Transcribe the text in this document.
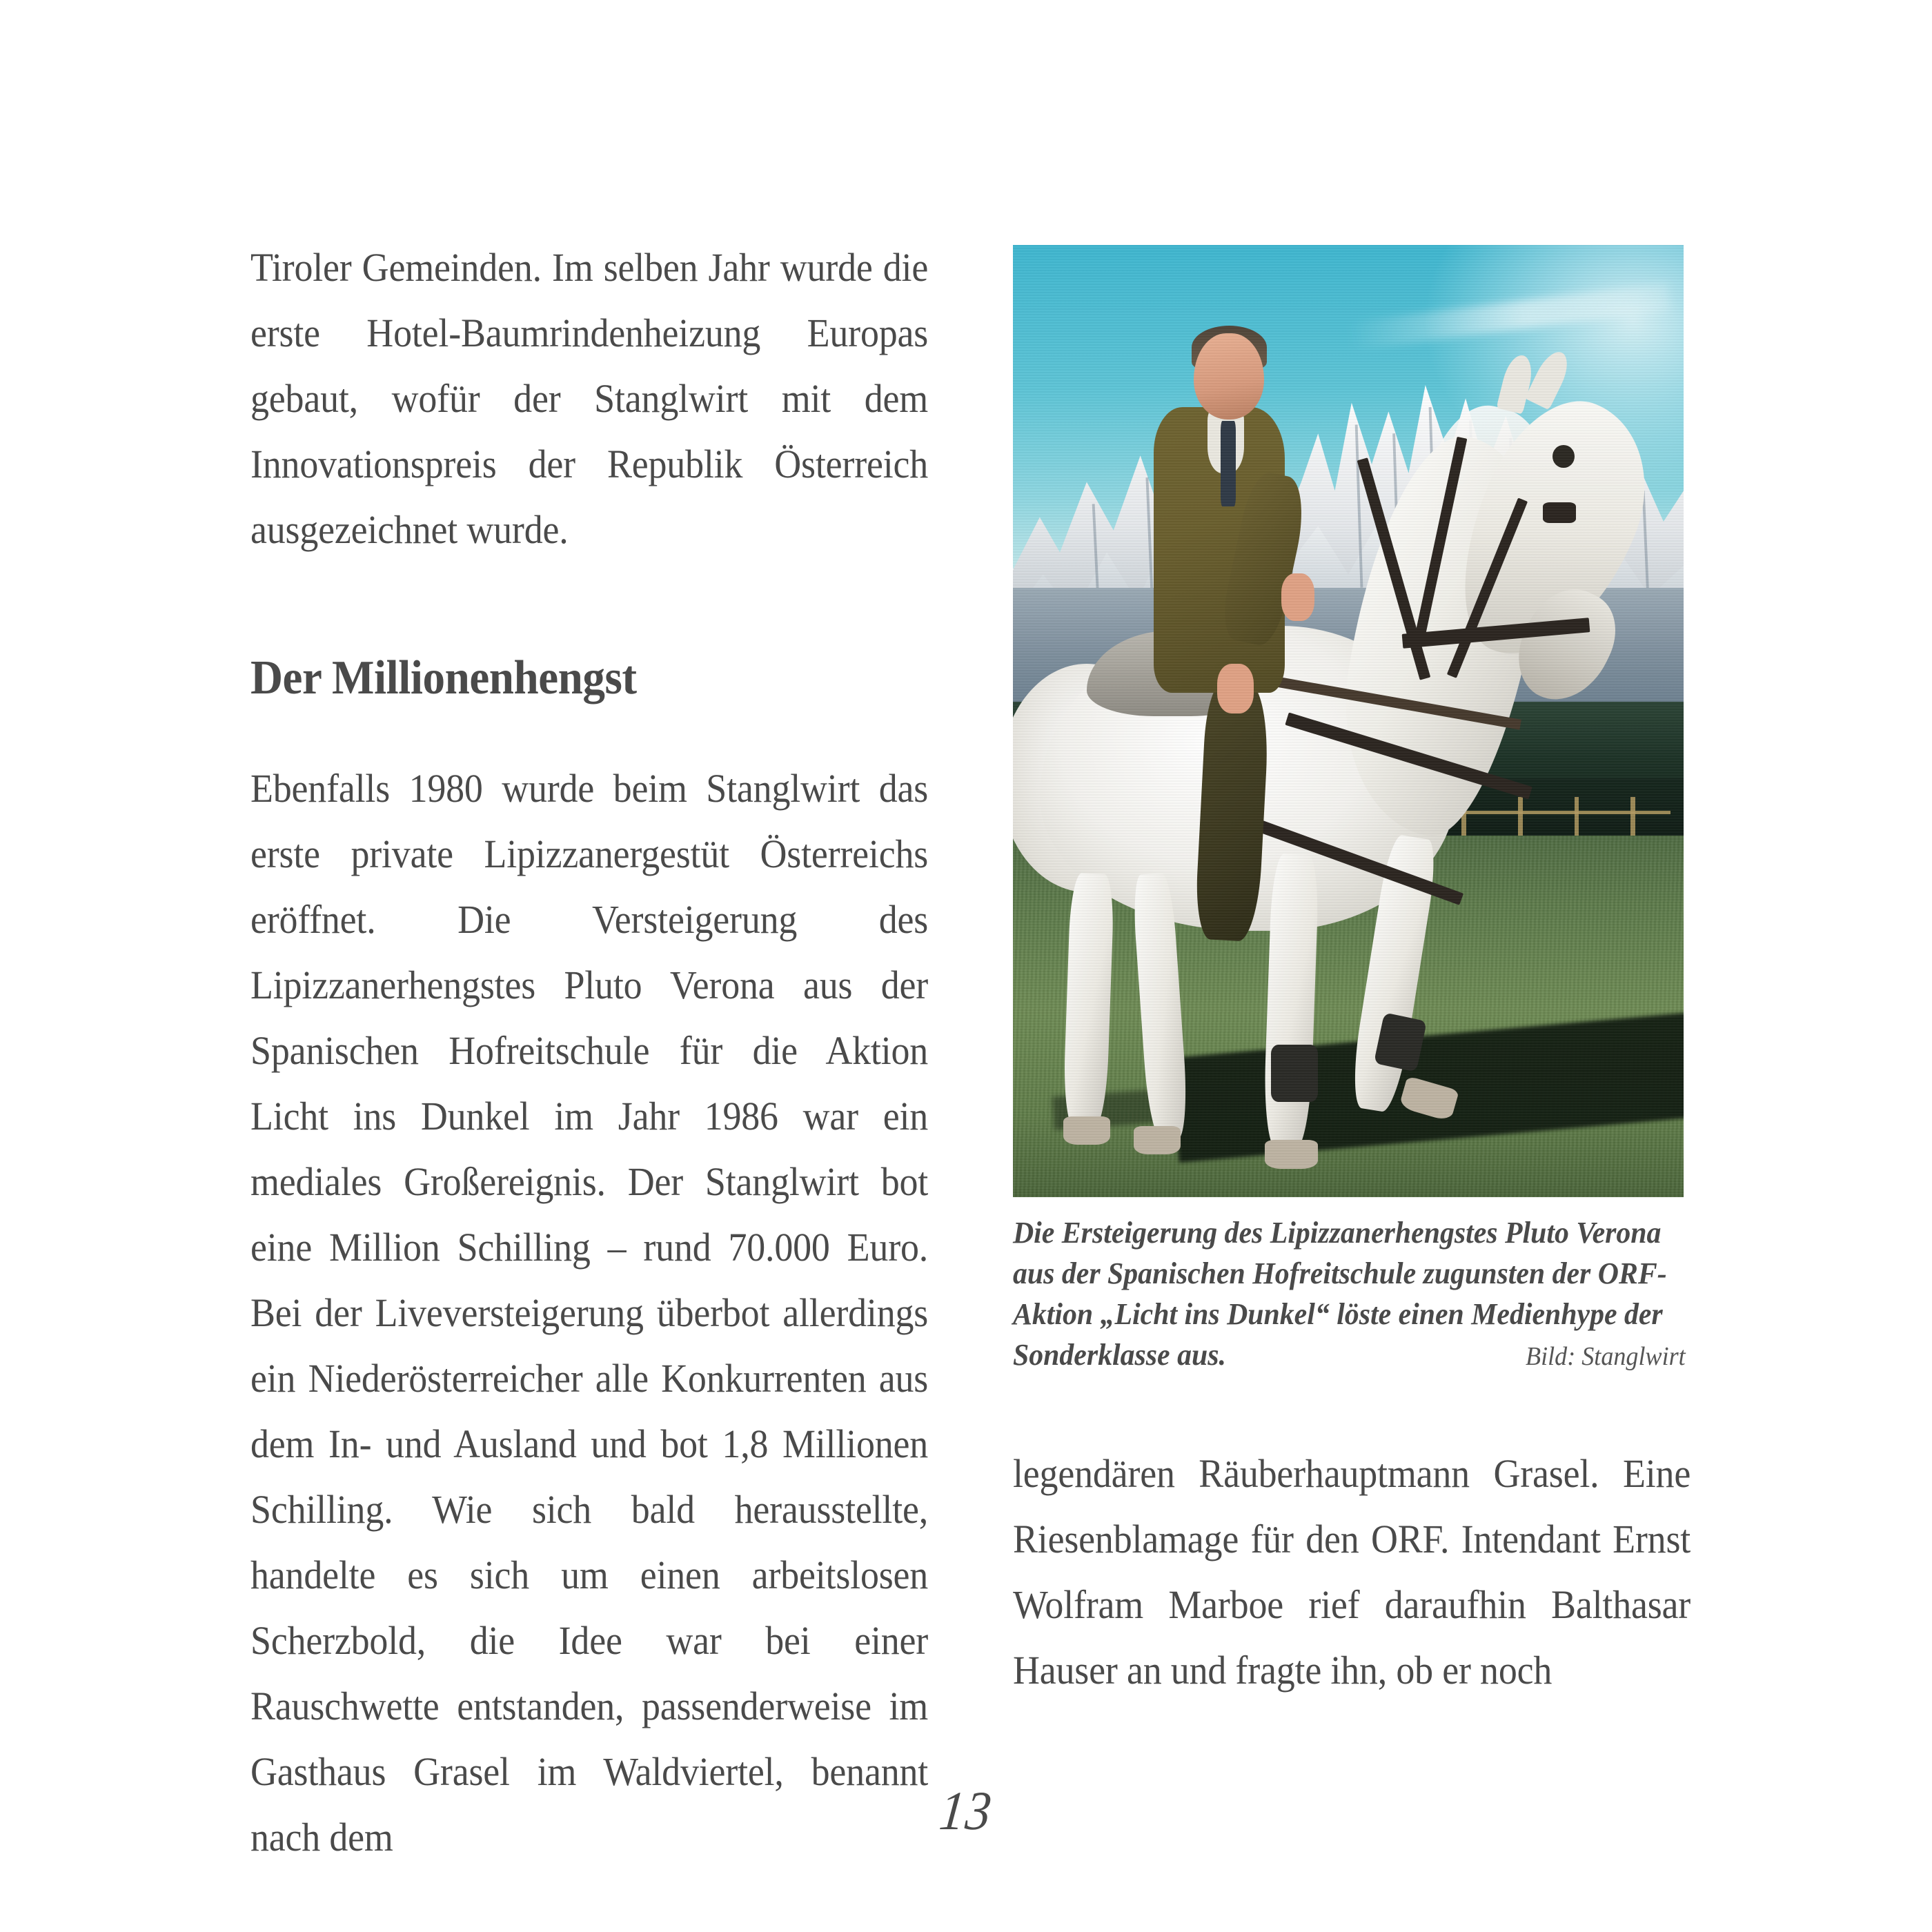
Tiroler Gemeinden. Im selben Jahr wurde die erste Hotel-Baumrindenheizung Europas gebaut, wofür der Stanglwirt mit dem Innovationspreis der Republik Österreich ausgezeichnet wurde.

Der Millionenhengst

Ebenfalls 1980 wurde beim Stanglwirt das erste private Lipizzanergestüt Österreichs eröffnet. Die Versteigerung des Lipizzanerhengstes Pluto Verona aus der Spanischen Hofreitschule für die Aktion Licht ins Dunkel im Jahr 1986 war ein mediales Großereignis. Der Stanglwirt bot eine Million Schilling – rund 70.000 Euro. Bei der Liveversteigerung überbot allerdings ein Niederösterreicher alle Konkurrenten aus dem In- und Ausland und bot 1,8 Millionen Schilling. Wie sich bald herausstellte, handelte es sich um einen arbeitslosen Scherzbold, die Idee war bei einer Rauschwette entstanden, passenderweise im Gasthaus Grasel im Waldviertel, benannt nach dem

Die Ersteigerung des Lipizzanerhengstes Pluto Verona
aus der Spanischen Hofreitschule zugunsten der ORF-
Aktion „Licht ins Dunkel“ löste einen Medienhype der
Sonderklasse aus.	Bild: Stanglwirt

legendären Räuberhauptmann Grasel. Eine Riesenblamage für den ORF. Intendant Ernst Wolfram Marboe rief daraufhin Balthasar Hauser an und fragte ihn, ob er noch

13
